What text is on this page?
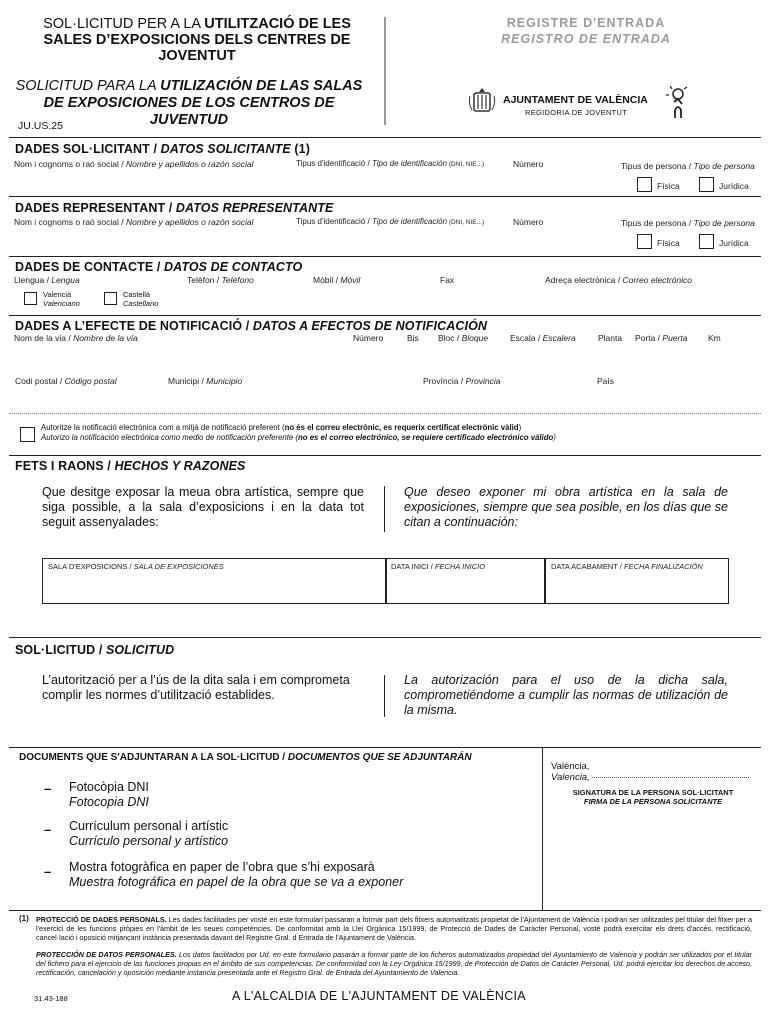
SOL·LICITUD PER A LA UTILITZACIÓ DE LES SALES D’EXPOSICIONS DELS CENTRES DE JOVENTUT
SOLICITUD PARA LA UTILIZACIÓN DE LAS SALAS DE EXPOSICIONES DE LOS CENTROS DE JUVENTUD
JU.US.25
REGISTRE D'ENTRADA
REGISTRO DE ENTRADA
AJUNTAMENT DE VALÈNCIA
REGIDORIA DE JOVENTUT
DADES SOL·LICITANT / DATOS SOLICITANTE (1)
Nom i cognoms o raó social / Nombre y apellidos o razón social	Tipus d'identificació / Tipo de identificación (DNI, NIE...)	Número	Tipus de persona / Tipo de persona
Física	Jurídica
DADES REPRESENTANT / DATOS REPRESENTANTE
Nom i cognoms o raó social / Nombre y apellidos o razón social	Tipus d'identificació / Tipo de identificación (DNI, NIE...)	Número	Tipus de persona / Tipo de persona
Física	Jurídica
DADES DE CONTACTE / DATOS DE CONTACTO
Llengua / Lengua	Telèfon / Teléfono	Mòbil / Móvil	Fax	Adreça electrònica / Correo electrónico
Valencià
Valenciano
Castellà
Castellano
DADES A L’EFECTE DE NOTIFICACIÓ / DATOS A EFECTOS DE NOTIFICACIÓN
Nom de la via / Nombre de la vía	Número	Bis Bloc / Bloque	Escala / Escalera	Planta Porta / Puerta Km
Codi postal / Código postal	Municipi / Municipio	Província / Provincia	País
Autoritze la notificació electrònica com a mitjà de notificació preferent (no és el correu electrònic, es requerix certificat electrònic vàlid)
Autorizo la notificación electrónica como medio de notificación preferente (no es el correo electrónico, se requiere certificado electrónico válido)
FETS I RAONS / HECHOS Y RAZONES
Que desitge exposar la meua obra artística, sempre que siga possible, a la sala d’exposicions i en la data tot seguit assenyalades:
Que deseo exponer mi obra artística en la sala de exposiciones, siempre que sea posible, en los días que se citan a continuación:
SALA D'EXPOSICIONS / SALA DE EXPOSICIONES	DATA INICI / FECHA INICIO	DATA ACABAMENT / FECHA FINALIZACIÓN
SOL·LICITUD / SOLICITUD
L’autorització per a l’ús de la dita sala i em comprometa complir les normes d’utilització establides.
La autorización para el uso de la dicha sala, comprometiéndome a cumplir las normas de utilización de la misma.
DOCUMENTS QUE S'ADJUNTARAN A LA SOL·LICITUD / DOCUMENTOS QUE SE ADJUNTARÁN
– Fotocòpia DNI
Fotocopia DNI
– Currículum personal i artístic
Currículo personal y artístico
– Mostra fotogràfica en paper de l’obra que s’hi exposarà
Muestra fotográfica en papel de la obra que se va a exponer
València,
Valencia,
SIGNATURA DE LA PERSONA SOL·LICITANT
FIRMA DE LA PERSONA SOLICITANTE
(1) PROTECCIÓ DE DADES PERSONALS. Les dades facilitades per vosté en este formulari passaran a formar part dels fitxers automatitzats propietat de l'Ajuntament de València i podran ser utilitzades pel titular del fitxer per a l'exercici de les funcions pròpies en l'àmbit de les seues competències. De conformitat amb la Llei Orgànica 15/1999, de Protecció de Dades de Caràcter Personal, vosté podrà exercitar els drets d'accés, rectificació, cancel·lació i oposició mitjançant instància presentada davant del Registre Gral. d Entrada de l'Ajuntament de València.
PROTECCIÓN DE DATOS PERSONALES. Los datos facilitados por Ud. en este formulario pasarán a formar parte de los ficheros automatizados propiedad del Ayuntamiento de Valencia y podrán ser utilizados por el titular del fichero para el ejercicio de las funciones propias en el ámbito de sus competencias. De conformidad con la Ley Orgánica 15/1999, de Protección de Datos de Carácter Personal, Ud. podrá ejercitar los derechos de acceso, rectificación, cancelación y oposición mediante instancia presentada ante el Registro Gral. de Entrada del Ayuntamiento de Valencia.
31.43-188	A L'ALCALDIA DE L'AJUNTAMENT DE VALÈNCIA
